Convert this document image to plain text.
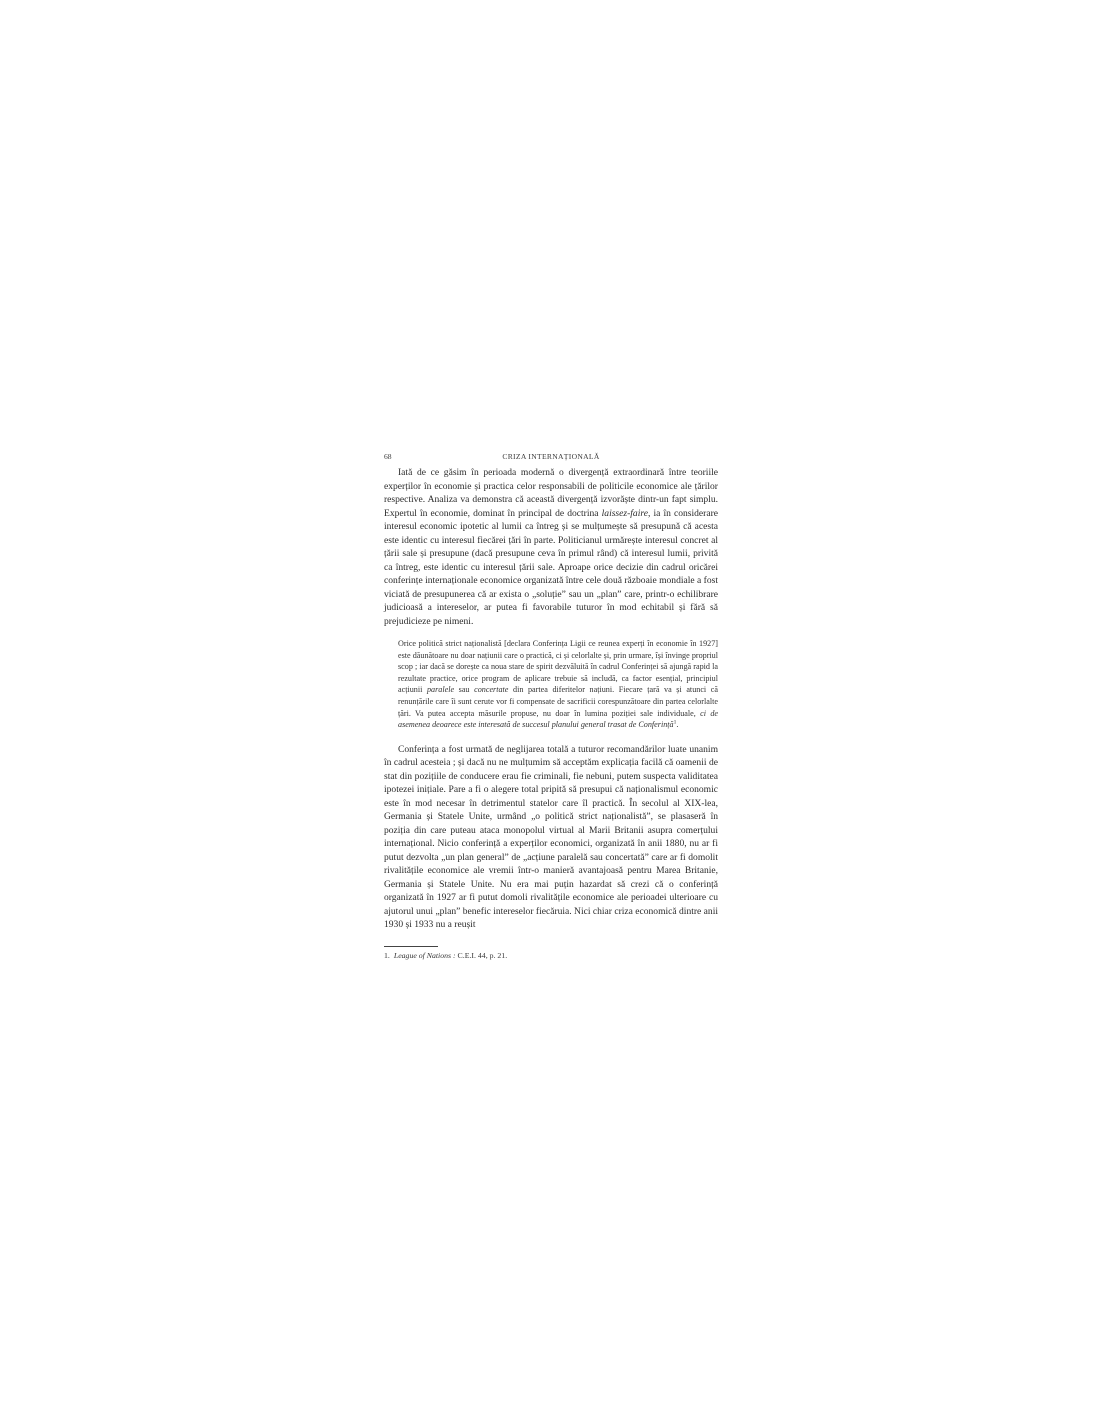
68	CRIZA INTERNAȚIONALĂ

Iată de ce găsim în perioada modernă o divergență extraordinară între teoriile experților în economie și practica celor responsabili de politicile economice ale țărilor respective. Analiza va demonstra că această divergență izvorăște dintr-un fapt simplu. Expertul în economie, dominat în principal de doctrina laissez-faire, ia în considerare interesul economic ipotetic al lumii ca întreg și se mulțumește să presupună că acesta este identic cu interesul fiecărei țări în parte. Politicianul urmărește interesul concret al țării sale și presupune (dacă presupune ceva în primul rând) că interesul lumii, privită ca întreg, este identic cu interesul țării sale. Aproape orice decizie din cadrul oricărei conferințe internaționale economice organizată între cele două războaie mondiale a fost viciată de presupunerea că ar exista o „soluție” sau un „plan” care, printr-o echilibrare judicioasă a intereselor, ar putea fi favorabile tuturor în mod echitabil și fără să prejudicieze pe nimeni.

Orice politică strict naționalistă [declara Conferința Ligii ce reunea experți în economie în 1927] este dăunătoare nu doar națiunii care o practică, ci și celorlalte și, prin urmare, își învinge propriul scop ; iar dacă se dorește ca noua stare de spirit dezvăluită în cadrul Conferinței să ajungă rapid la rezultate practice, orice program de aplicare trebuie să includă, ca factor esențial, principiul acțiunii paralele sau concertate din partea diferitelor națiuni. Fiecare țară va și atunci că renunțările care îi sunt cerute vor fi compensate de sacrificii corespunzătoare din partea celorlalte țări. Va putea accepta măsurile propuse, nu doar în lumina poziției sale individuale, ci de asemenea deoarece este interesată de succesul planului general trasat de Conferință$^1$.

Conferința a fost urmată de neglijarea totală a tuturor recomandărilor luate unanim în cadrul acesteia ; și dacă nu ne mulțumim să acceptăm explicația facilă că oamenii de stat din pozițiile de conducere erau fie criminali, fie nebuni, putem suspecta validitatea ipotezei inițiale. Pare a fi o alegere total pripită să presupui că naționalismul economic este în mod necesar în detrimentul statelor care îl practică. În secolul al XIX-lea, Germania și Statele Unite, urmând „o politică strict naționalistă”, se plasaseră în poziția din care puteau ataca monopolul virtual al Marii Britanii asupra comerțului internațional. Nicio conferință a experților economici, organizată în anii 1880, nu ar fi putut dezvolta „un plan general” de „acțiune paralelă sau concertată” care ar fi domolit rivalitățile economice ale vremii într-o manieră avantajoasă pentru Marea Britanie, Germania și Statele Unite. Nu era mai puțin hazardat să crezi că o conferință organizată în 1927 ar fi putut domoli rivalitățile economice ale perioadei ulterioare cu ajutorul unui „plan” benefic intereselor fiecăruia. Nici chiar criza economică dintre anii 1930 și 1933 nu a reușit

1. League of Nations : C.E.I. 44, p. 21.
